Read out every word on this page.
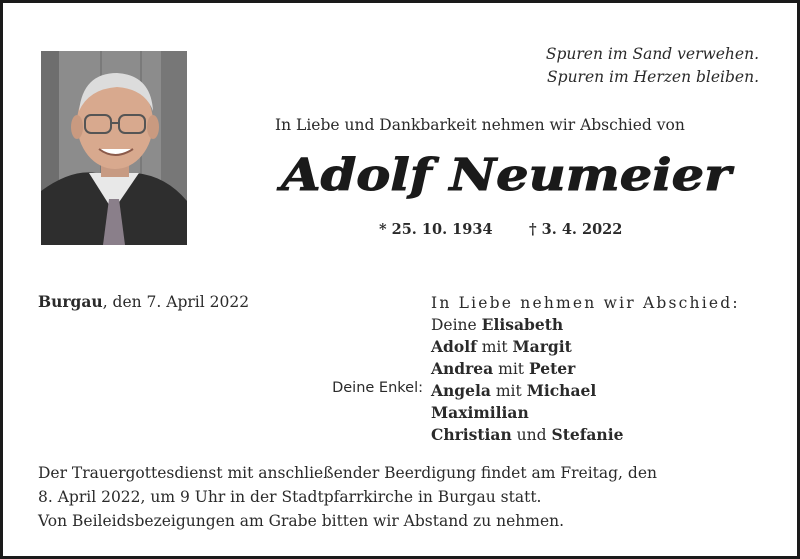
Spuren im Sand verwehen.
Spuren im Herzen bleiben.
In Liebe und Dankbarkeit nehmen wir Abschied von
Adolf Neumeier
* 25. 10. 1934	† 3. 4. 2022
Burgau, den 7. April 2022
Deine Enkel:
In Liebe nehmen wir Abschied:
Deine Elisabeth
Adolf mit Margit
Andrea mit Peter
Angela mit Michael
Maximilian
Christian und Stefanie

Der Trauergottesdienst mit anschließender Beerdigung findet am Freitag, den

8. April 2022, um 9 Uhr in der Stadtpfarrkirche in Burgau statt.

Von Beileidsbezeigungen am Grabe bitten wir Abstand zu nehmen.
